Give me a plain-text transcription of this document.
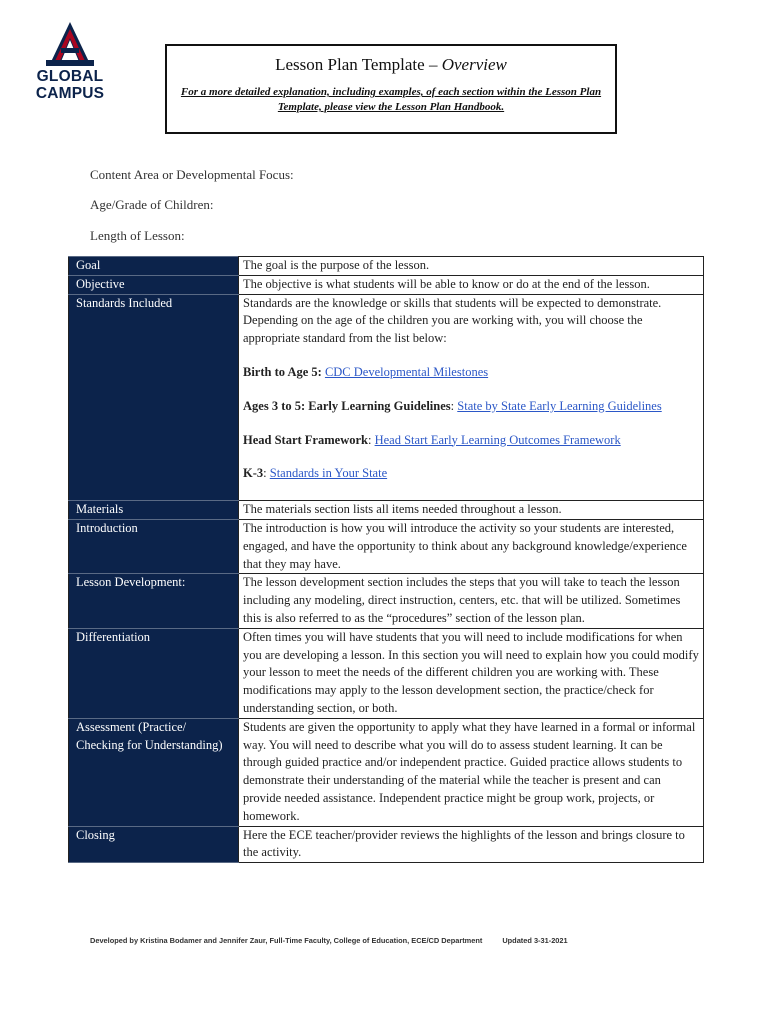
GLOBAL
CAMPUS
Lesson Plan Template – Overview
For a more detailed explanation, including examples, of each section within the Lesson Plan Template, please view the Lesson Plan Handbook.
Content Area or Developmental Focus:
Age/Grade of Children:
Length of Lesson:
Goal	The goal is the purpose of the lesson.
Objective	The objective is what students will be able to know or do at the end of the lesson.
Standards Included	Standards are the knowledge or skills that students will be expected to demonstrate. Depending on the age of the children you are working with, you will choose the appropriate standard from the list below:
Birth to Age 5: CDC Developmental Milestones
Ages 3 to 5: Early Learning Guidelines: State by State Early Learning Guidelines
Head Start Framework: Head Start Early Learning Outcomes Framework
K-3: Standards in Your State

Materials	The materials section lists all items needed throughout a lesson.
Introduction	The introduction is how you will introduce the activity so your students are interested, engaged, and have the opportunity to think about any background knowledge/experience that they may have.
Lesson Development:	The lesson development section includes the steps that you will take to teach the lesson including any modeling, direct instruction, centers, etc. that will be utilized. Sometimes this is also referred to as the “procedures” section of the lesson plan.
Differentiation	Often times you will have students that you will need to include modifications for when you are developing a lesson. In this section you will need to explain how you could modify your lesson to meet the needs of the different children you are working with. These modifications may apply to the lesson development section, the practice/check for understanding section, or both.
Assessment (Practice/ Checking for Understanding)	Students are given the opportunity to apply what they have learned in a formal or informal way. You will need to describe what you will do to assess student learning. It can be through guided practice and/or independent practice. Guided practice allows students to demonstrate their understanding of the material while the teacher is present and can provide needed assistance. Independent practice might be group work, projects, or homework.
Closing	Here the ECE teacher/provider reviews the highlights of the lesson and brings closure to the activity.
Developed by Kristina Bodamer and Jennifer Zaur, Full-Time Faculty, College of Education, ECE/CD Department	Updated 3-31-2021
